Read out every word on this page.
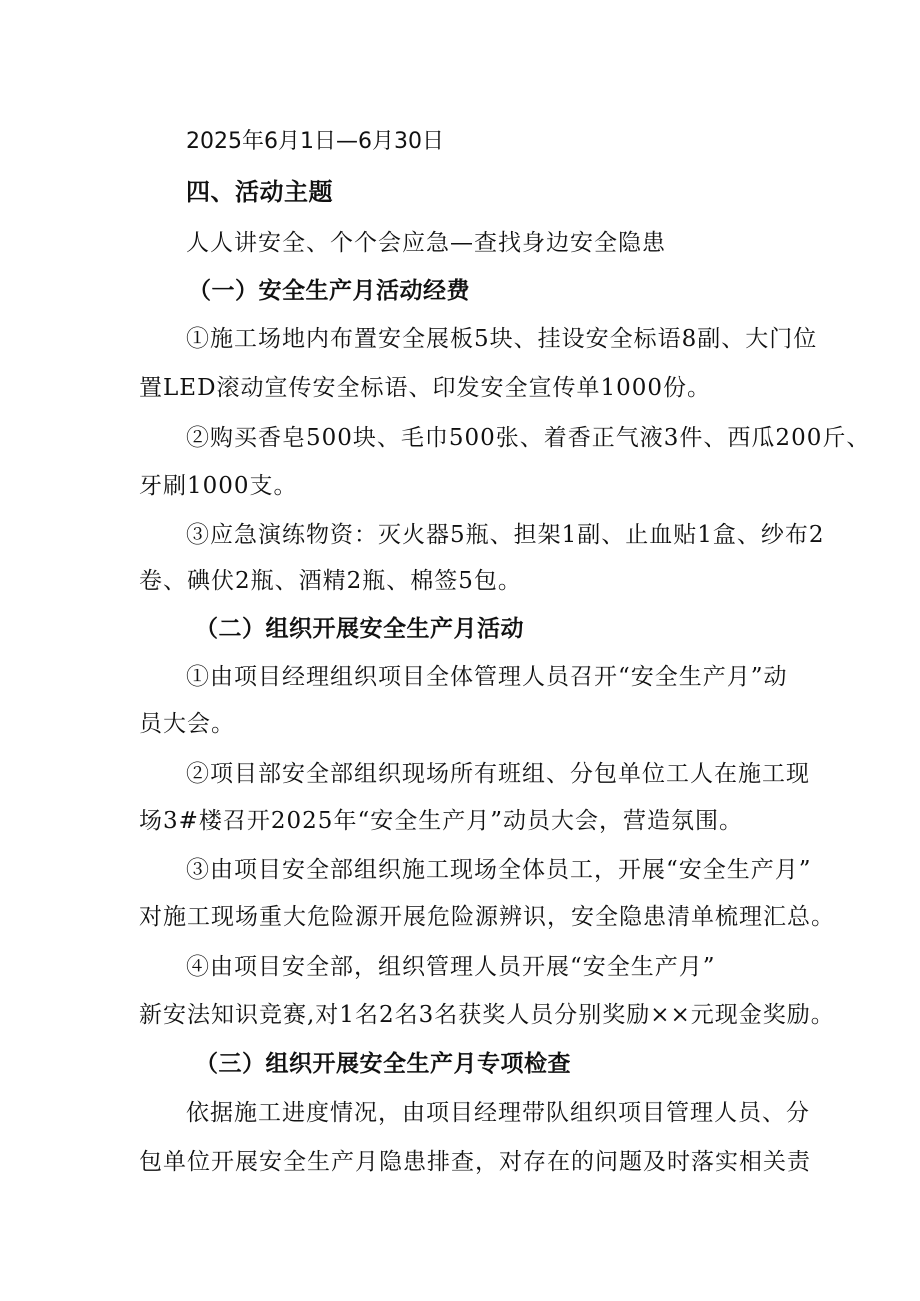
2025年6月1日—6月30日
四、活动主题
人人讲安全、个个会应急—查找身边安全隐患
（一）安全生产月活动经费
①施工场地内布置安全展板5块、挂设安全标语8副、大门位
置LED滚动宣传安全标语、印发安全宣传单1000份。
②购买香皂500块、毛巾500张、着香正气液3件、西瓜200斤、
牙刷1000支。
③应急演练物资：灭火器5瓶、担架1副、止血贴1盒、纱布2
卷、碘伏2瓶、酒精2瓶、棉签5包。
（二）组织开展安全生产月活动
①由项目经理组织项目全体管理人员召开“安全生产月”动
员大会。
②项目部安全部组织现场所有班组、分包单位工人在施工现
场3#楼召开2025年“安全生产月”动员大会，营造氛围。
③由项目安全部组织施工现场全体员工，开展“安全生产月”
对施工现场重大危险源开展危险源辨识，安全隐患清单梳理汇总。
④由项目安全部，组织管理人员开展“安全生产月”
新安法知识竞赛,对1名2名3名获奖人员分别奖励××元现金奖励。
（三）组织开展安全生产月专项检查
依据施工进度情况，由项目经理带队组织项目管理人员、分
包单位开展安全生产月隐患排查，对存在的问题及时落实相关责
